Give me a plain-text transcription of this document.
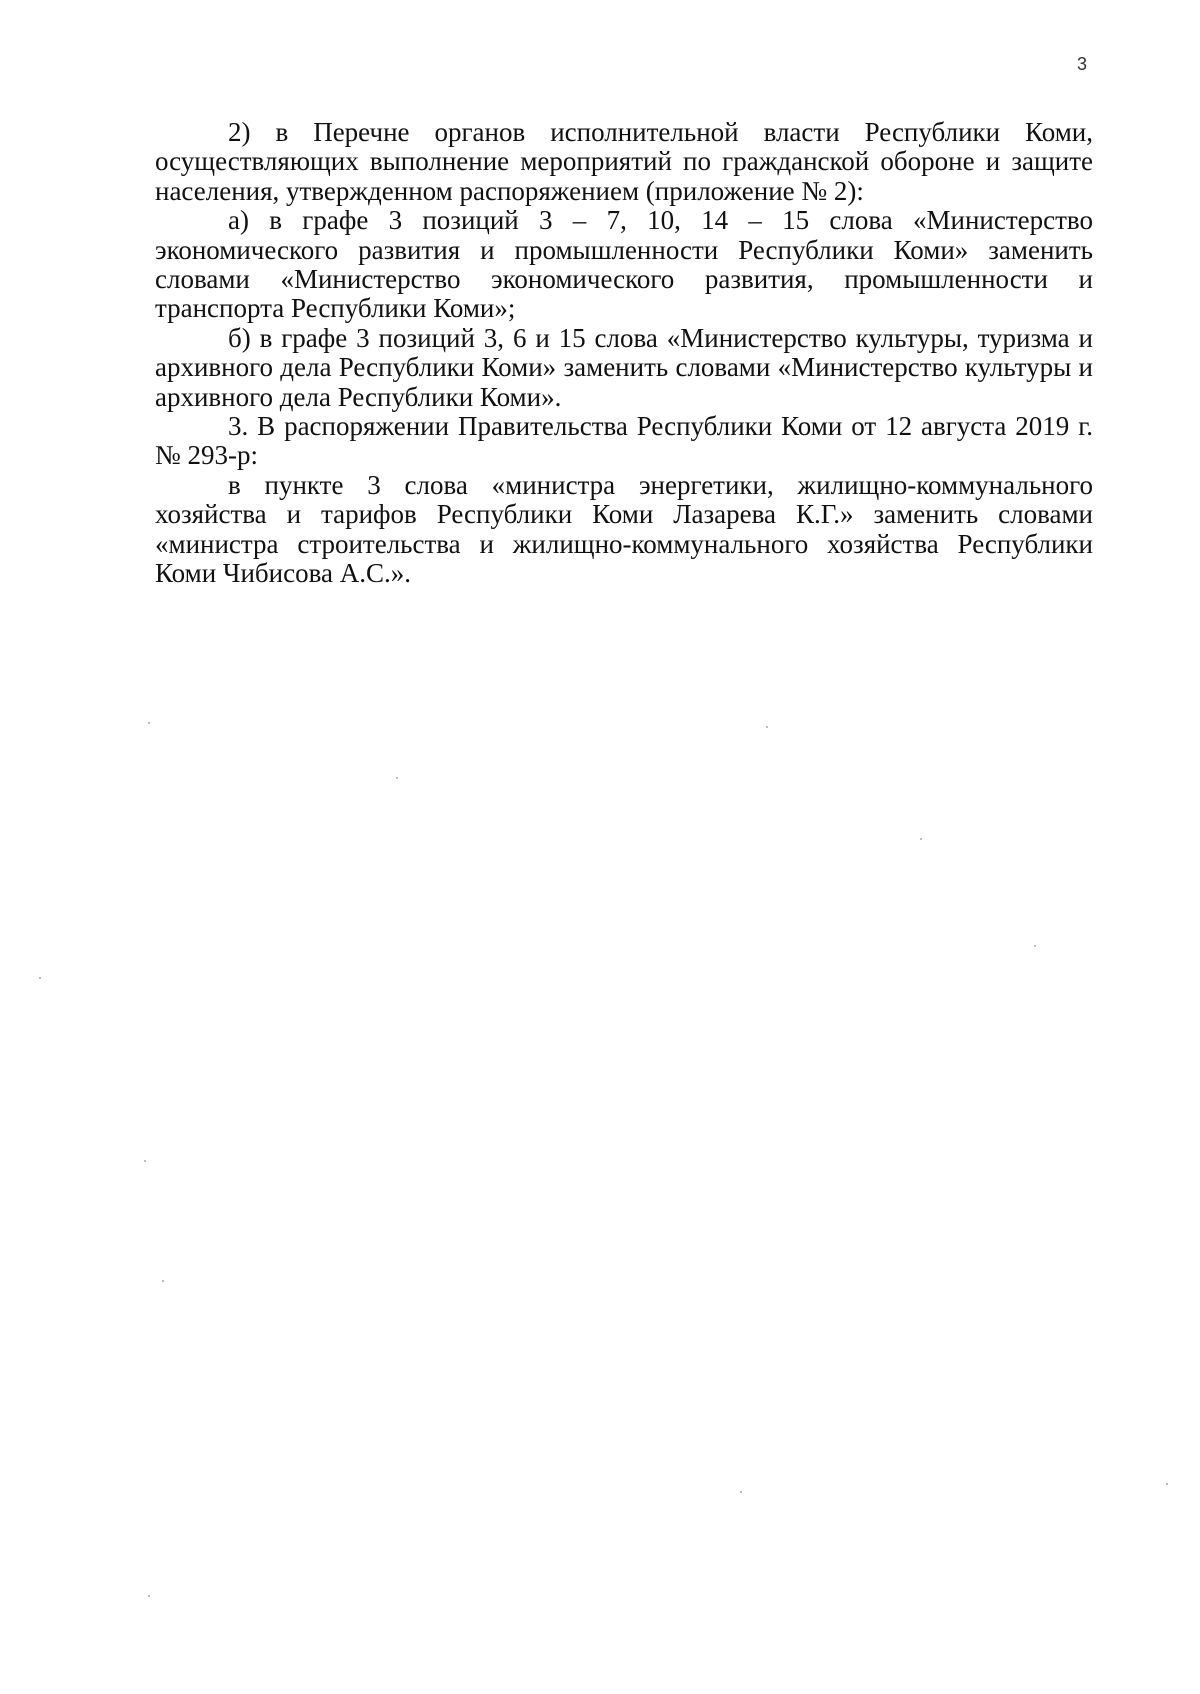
3

2) в Перечне органов исполнительной власти Республики Коми, осуществляющих выполнение мероприятий по гражданской обороне и защите населения, утвержденном распоряжением (приложение № 2):

а) в графе 3 позиций 3 – 7, 10, 14 – 15 слова «Министерство экономического развития и промышленности Республики Коми» заменить словами «Министерство экономического развития, промышленности и транспорта Республики Коми»;

б) в графе 3 позиций 3, 6 и 15 слова «Министерство культуры, туризма и архивного дела Республики Коми» заменить словами «Министерство культуры и архивного дела Республики Коми».

3. В распоряжении Правительства Республики Коми от 12 августа 2019 г. № 293-р:

в пункте 3 слова «министра энергетики, жилищно-коммунального хозяйства и тарифов Республики Коми Лазарева К.Г.» заменить словами «министра строительства и жилищно-коммунального хозяйства Республики Коми Чибисова А.С.».
